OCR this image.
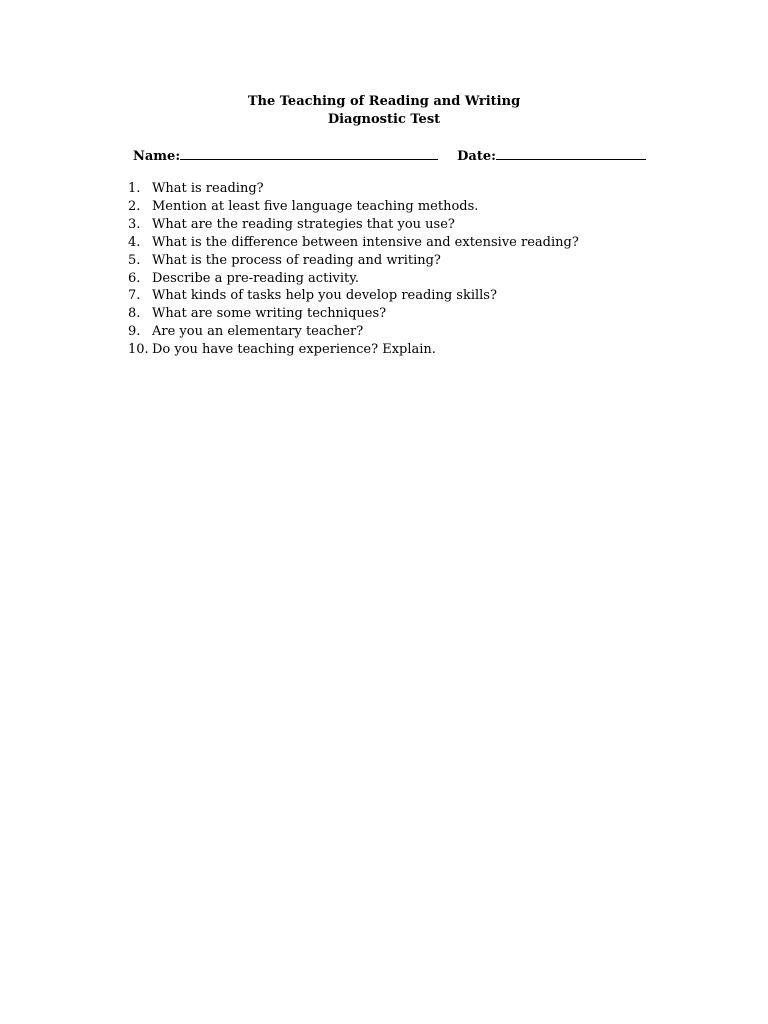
The Teaching of Reading and Writing
Diagnostic Test
Name:	Date:
1. What is reading?
2. Mention at least five language teaching methods.
3. What are the reading strategies that you use?
4. What is the difference between intensive and extensive reading?
5. What is the process of reading and writing?
6. Describe a pre-reading activity.
7. What kinds of tasks help you develop reading skills?
8. What are some writing techniques?
9. Are you an elementary teacher?
10. Do you have teaching experience? Explain.
